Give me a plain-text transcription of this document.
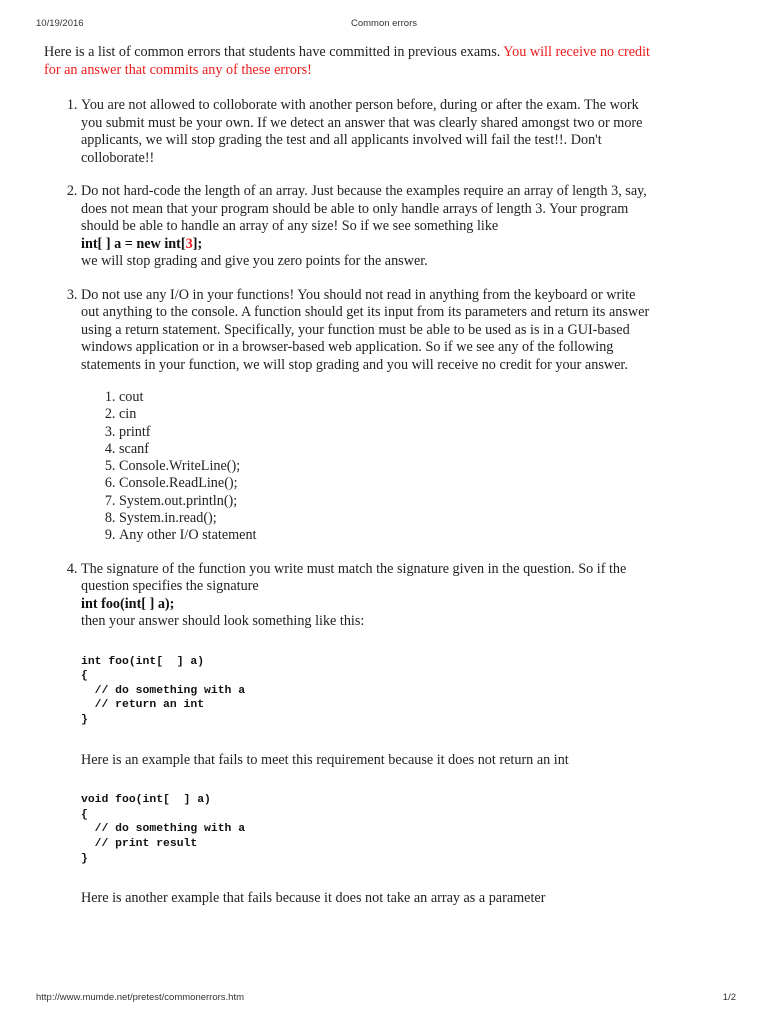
10/19/2016	Common errors

Here is a list of common errors that students have committed in previous exams. You will receive no credit for an answer that commits any of these errors!

1. You are not allowed to colloborate with another person before, during or after the exam. The work you submit must be your own. If we detect an answer that was clearly shared amongst two or more applicants, we will stop grading the test and all applicants involved will fail the test!!. Don't colloborate!!
2. Do not hard-code the length of an array. Just because the examples require an array of length 3, say, does not mean that your program should be able to only handle arrays of length 3. Your program should be able to handle an array of any size! So if we see something like
int[ ] a = new int[3];
we will stop grading and give you zero points for the answer.
3. Do not use any I/O in your functions! You should not read in anything from the keyboard or write out anything to the console. A function should get its input from its parameters and return its answer using a return statement. Specifically, your function must be able to be used as is in a GUI-based windows application or in a browser-based web application. So if we see any of the following statements in your function, we will stop grading and you will receive no credit for your answer.
1. cout
2. cin
3. printf
4. scanf
5. Console.WriteLine();
6. Console.ReadLine();
7. System.out.println();
8. System.in.read();
9. Any other I/O statement
4. The signature of the function you write must match the signature given in the question. So if the question specifies the signature
int foo(int[ ] a);
then your answer should look something like this:
int foo(int[  ] a)
{
// do something with a
// return an int
}

Here is an example that fails to meet this requirement because it does not return an int

void foo(int[  ] a)
{
// do something with a
// print result
}

Here is another example that fails because it does not take an array as a parameter

http://www.mumde.net/pretest/commonerrors.htm	1/2
